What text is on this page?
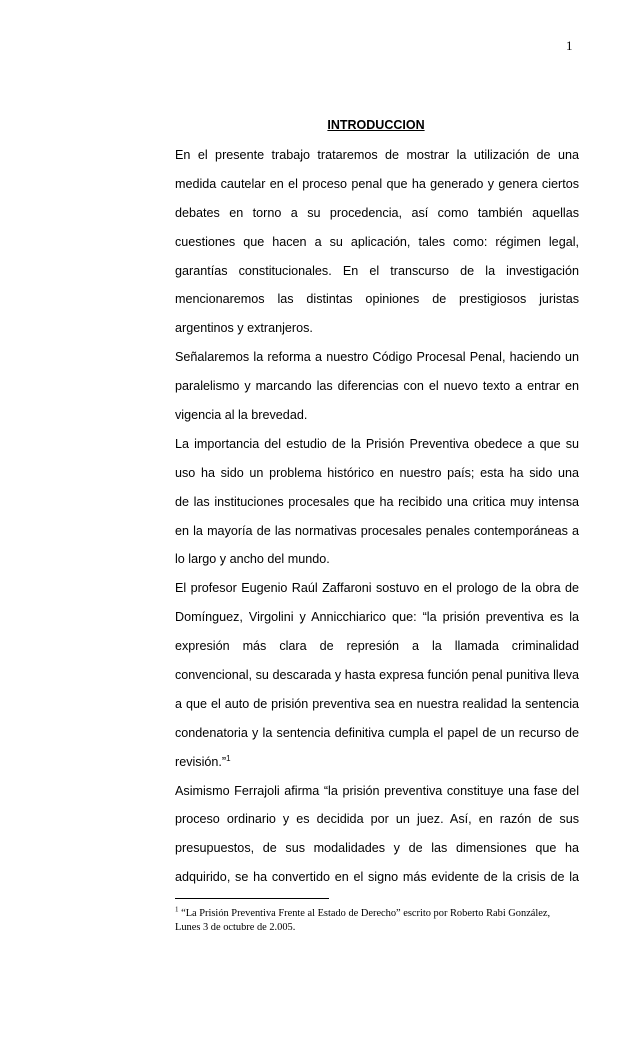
1
INTRODUCCION
En el presente trabajo trataremos de mostrar la utilización de una
medida cautelar en el proceso penal que ha generado y genera ciertos
debates en torno a su procedencia, así como también aquellas
cuestiones que hacen a su aplicación, tales como: régimen legal,
garantías constitucionales. En el transcurso de la investigación
mencionaremos las distintas opiniones de prestigiosos juristas
argentinos y extranjeros.
Señalaremos la reforma a nuestro Código Procesal Penal, haciendo un
paralelismo y marcando las diferencias con el nuevo texto a entrar en
vigencia al la brevedad.
La importancia del estudio de la Prisión Preventiva obedece a que su
uso ha sido un problema histórico en nuestro país; esta ha sido una
de las instituciones procesales que ha recibido una critica muy intensa
en la mayoría de las normativas procesales penales contemporáneas a
lo largo y ancho del mundo.
El profesor Eugenio Raúl Zaffaroni sostuvo en el prologo de la obra de
Domínguez, Virgolini y Annicchiarico que: “la prisión preventiva es la
expresión más clara de represión a la llamada criminalidad
convencional, su descarada y hasta expresa función penal punitiva lleva
a que el auto de prisión preventiva sea en nuestra realidad la sentencia
condenatoria y la sentencia definitiva cumpla el papel de un recurso de
revisión.”$^1$
Asimismo Ferrajoli afirma “la prisión preventiva constituye una fase del
proceso ordinario y es decidida por un juez. Así, en razón de sus
presupuestos, de sus modalidades y de las dimensiones que ha
adquirido, se ha convertido en el signo más evidente de la crisis de la
$^1$ “La Prisión Preventiva Frente al Estado de Derecho” escrito por Roberto Rabi González,
Lunes 3 de octubre de 2.005.
